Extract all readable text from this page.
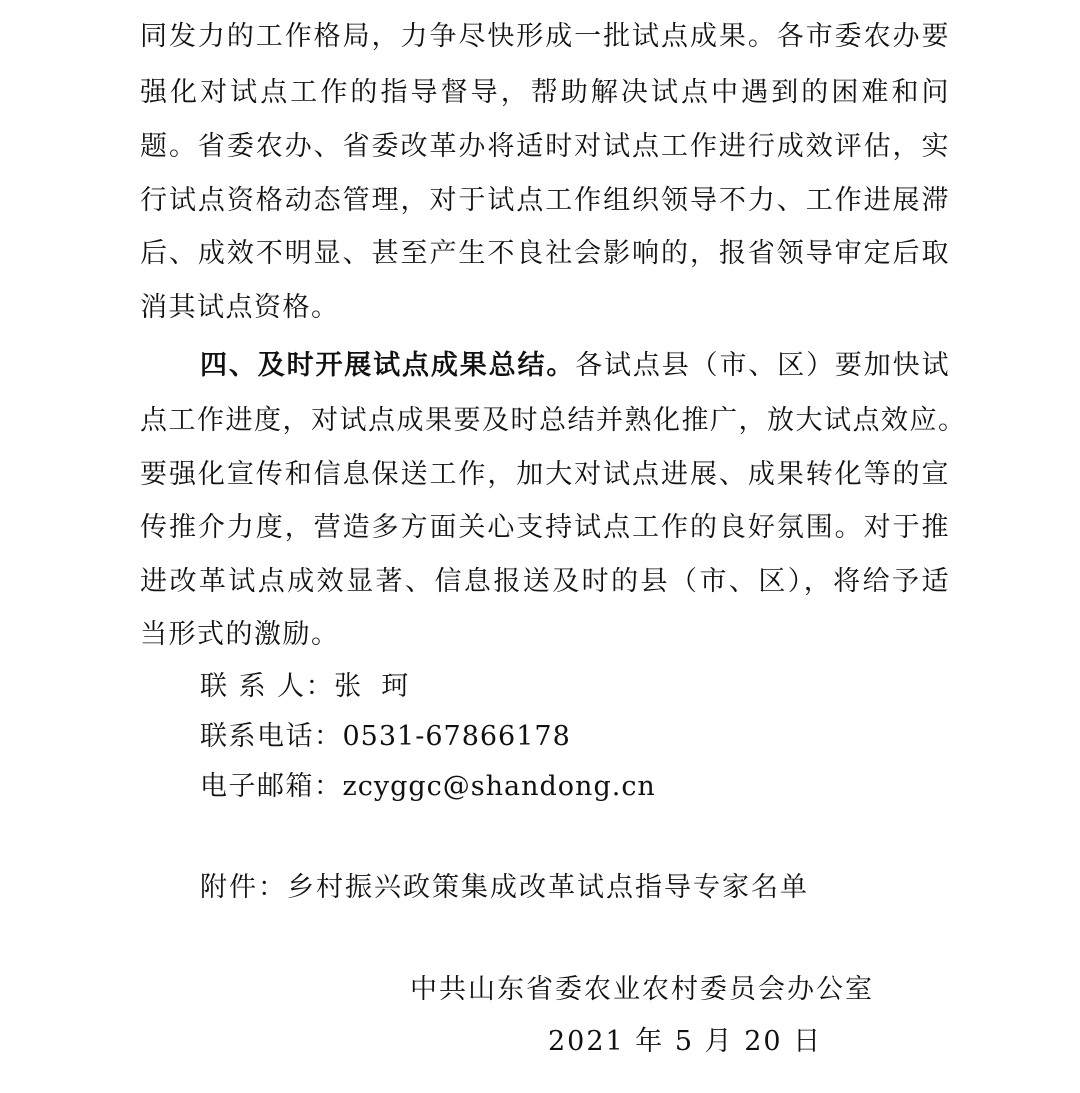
同发力的工作格局，力争尽快形成一批试点成果。各市委农办要
强化对试点工作的指导督导，帮助解决试点中遇到的困难和问
题。省委农办、省委改革办将适时对试点工作进行成效评估，实
行试点资格动态管理，对于试点工作组织领导不力、工作进展滞
后、成效不明显、甚至产生不良社会影响的，报省领导审定后取
消其试点资格。
四、及时开展试点成果总结。各试点县（市、区）要加快试
点工作进度，对试点成果要及时总结并熟化推广，放大试点效应。
要强化宣传和信息保送工作，加大对试点进展、成果转化等的宣
传推介力度，营造多方面关心支持试点工作的良好氛围。对于推
进改革试点成效显著、信息报送及时的县（市、区），将给予适
当形式的激励。
联 系 人：张  珂
联系电话：0531-67866178
电子邮箱：zcyggc@shandong.cn
附件：乡村振兴政策集成改革试点指导专家名单
中共山东省委农业农村委员会办公室
2021 年 5 月 20 日
